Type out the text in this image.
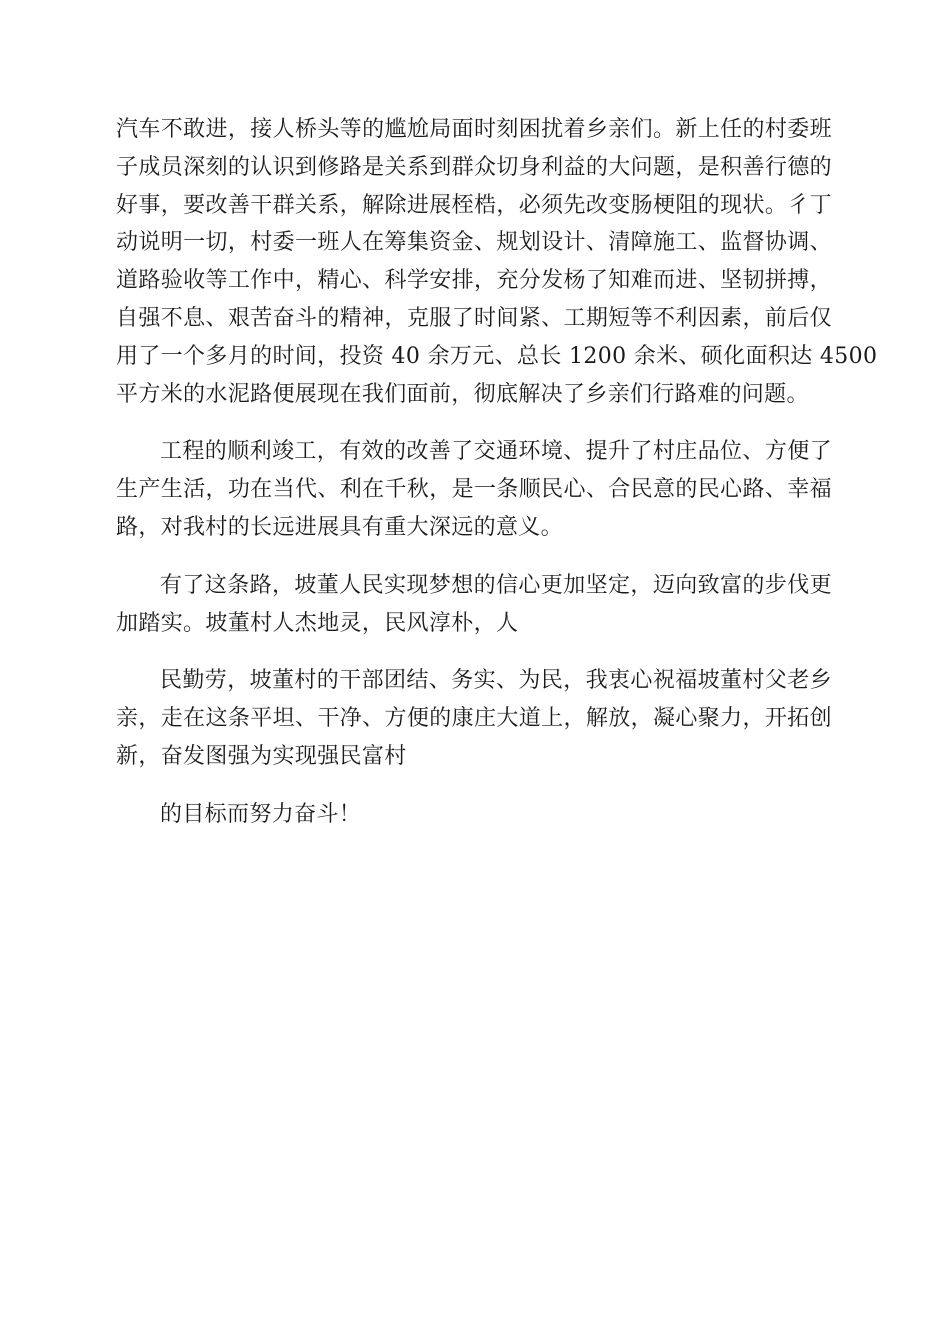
汽车不敢进，接人桥头等的尴尬局面时刻困扰着乡亲们。新上任的村委班
子成员深刻的认识到修路是关系到群众切身利益的大问题，是积善行德的
好事，要改善干群关系，解除进展桎梏，必须先改变肠梗阻的现状。彳丁
动说明一切，村委一班人在筹集资金、规划设计、清障施工、监督协调、
道路验收等工作中，精心、科学安排，充分发杨了知难而进、坚韧拼搏，
自强不息、艰苦奋斗的精神，克服了时间紧、工期短等不利因素，前后仅
用了一个多月的时间，投资 40 余万元、总长 1200 余米、硕化面积达 4500
平方米的水泥路便展现在我们面前，彻底解决了乡亲们行路难的问题。
工程的顺利竣工，有效的改善了交通环境、提升了村庄品位、方便了
生产生活，功在当代、利在千秋，是一条顺民心、合民意的民心路、幸福
路，对我村的长远进展具有重大深远的意义。
有了这条路，坡董人民实现梦想的信心更加坚定，迈向致富的步伐更
加踏实。坡董村人杰地灵，民风淳朴，人
民勤劳，坡董村的干部团结、务实、为民，我衷心祝福坡董村父老乡
亲，走在这条平坦、干净、方便的康庄大道上，解放，凝心聚力，开拓创
新，奋发图强为实现强民富村
的目标而努力奋斗！
